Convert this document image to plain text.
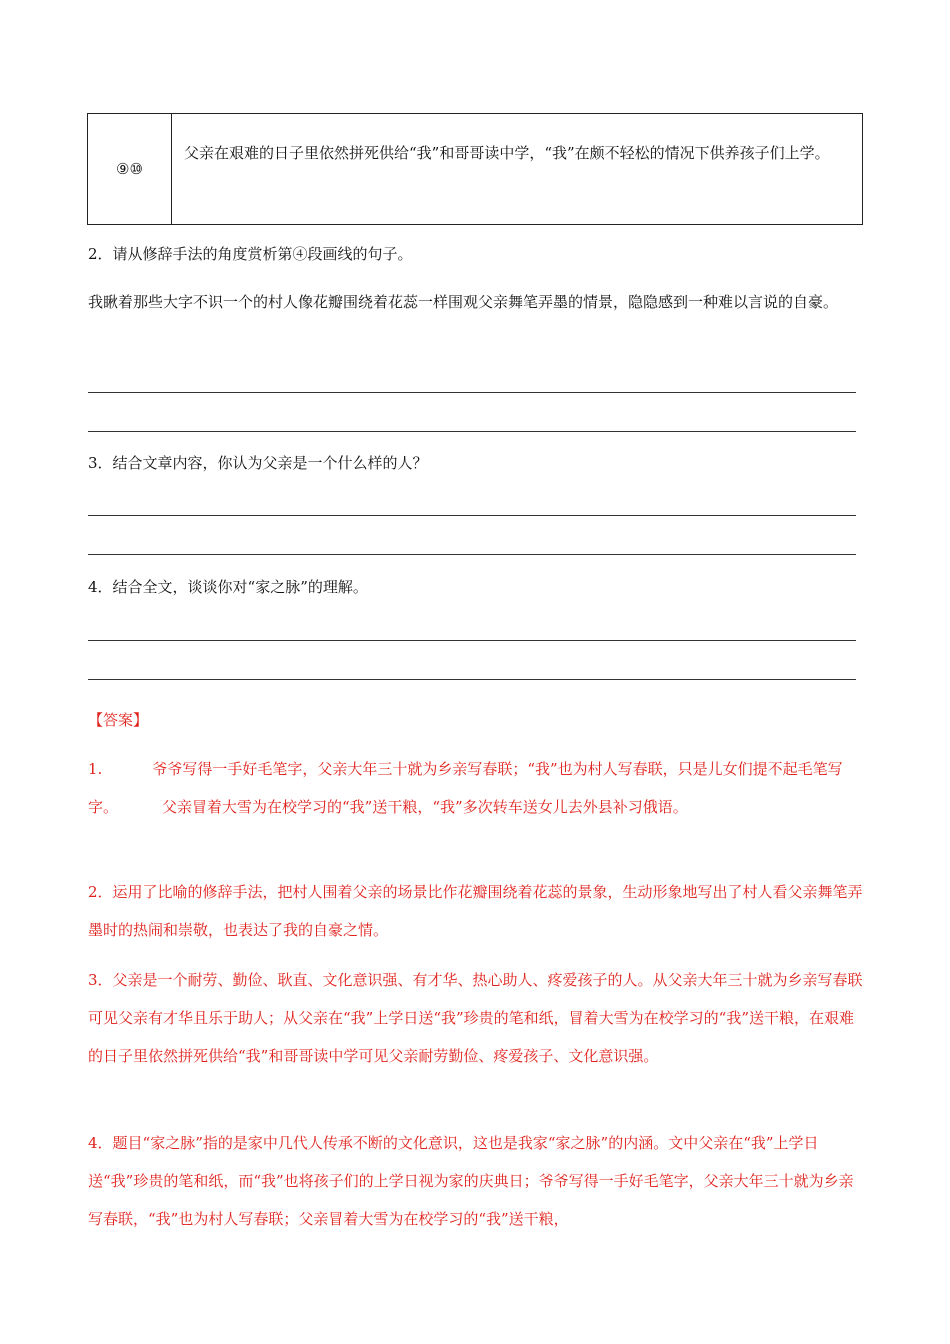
⑨⑩
父亲在艰难的日子里依然拼死供给“我”和哥哥读中学，“我”在颇不轻松的情况下供养孩子们上学。
2．请从修辞手法的角度赏析第④段画线的句子。
我瞅着那些大字不识一个的村人像花瓣围绕着花蕊一样围观父亲舞笔弄墨的情景，隐隐感到一种难以言说的自豪。
3．结合文章内容，你认为父亲是一个什么样的人？
4．结合全文，谈谈你对“家之脉”的理解。
【答案】
1.	爷爷写得一手好毛笔字，父亲大年三十就为乡亲写春联；“我”也为村人写春联，只是儿女们提不起毛笔写字。	父亲冒着大雪为在校学习的“我”送干粮，“我”多次转车送女儿去外县补习俄语。
2．运用了比喻的修辞手法，把村人围着父亲的场景比作花瓣围绕着花蕊的景象，生动形象地写出了村人看父亲舞笔弄墨时的热闹和崇敬，也表达了我的自豪之情。
3．父亲是一个耐劳、勤俭、耿直、文化意识强、有才华、热心助人、疼爱孩子的人。从父亲大年三十就为乡亲写春联可见父亲有才华且乐于助人；从父亲在“我”上学日送“我”珍贵的笔和纸，冒着大雪为在校学习的“我”送干粮，在艰难的日子里依然拼死供给“我”和哥哥读中学可见父亲耐劳勤俭、疼爱孩子、文化意识强。
4．题目“家之脉”指的是家中几代人传承不断的文化意识，这也是我家“家之脉”的内涵。文中父亲在“我”上学日送“我”珍贵的笔和纸，而“我”也将孩子们的上学日视为家的庆典日；爷爷写得一手好毛笔字，父亲大年三十就为乡亲写春联，“我”也为村人写春联；父亲冒着大雪为在校学习的“我”送干粮，
